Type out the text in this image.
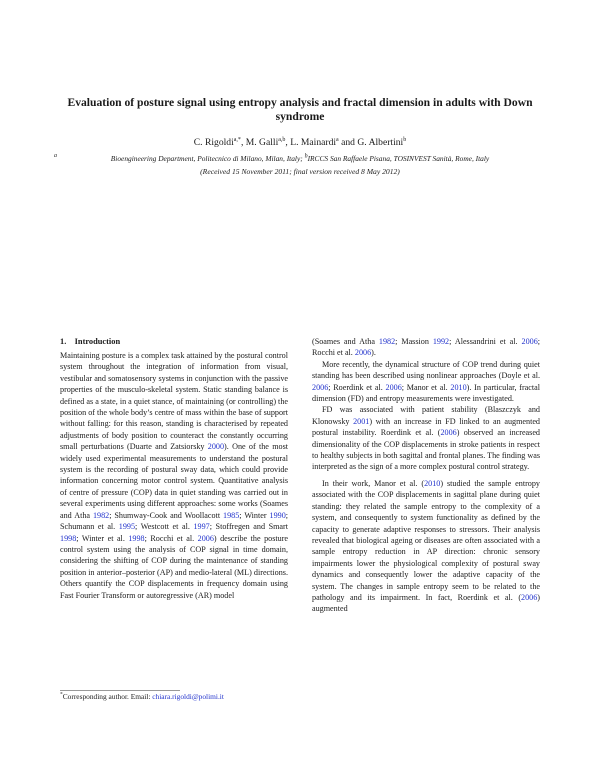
Evaluation of posture signal using entropy analysis and fractal dimension in adults with Down syndrome
C. Rigoldi$^{a,*}$, M. Galli$^{a,b}$, L. Mainardi$^a$ and G. Albertini$^b$
a	Bioengineering Department, Politecnico di Milano, Milan, Italy; $^b$IRCCS San Raffaele Pisana, TOSINVEST Sanità, Rome, Italy
(Received 15 November 2011; final version received 8 May 2012)
1. Introduction

Maintaining posture is a complex task attained by the postural control system throughout the integration of information from visual, vestibular and somatosensory systems in conjunction with the passive properties of the musculo-skeletal system. Static standing balance is defined as a state, in a quiet stance, of maintaining (or controlling) the position of the whole body’s centre of mass within the base of support without falling: for this reason, standing is characterised by repeated adjustments of body position to counteract the constantly occurring small perturbations (Duarte and Zatsiorsky 2000). One of the most widely used experimental measurements to understand the postural system is the recording of postural sway data, which could provide information concerning motor control system. Quantitative analysis of centre of pressure (COP) data in quiet standing was carried out in several experiments using different approaches: some works (Soames and Atha 1982; Shumway-Cook and Woollacott 1985; Winter 1990; Schumann et al. 1995; Westcott et al. 1997; Stoffregen and Smart 1998; Winter et al. 1998; Rocchi et al. 2006) describe the posture control system using the analysis of COP signal in time domain, considering the shifting of COP during the maintenance of standing position in anterior–posterior (AP) and medio-lateral (ML) directions. Others quantify the COP displacements in frequency domain using Fast Fourier Transform or autoregressive (AR) model

(Soames and Atha 1982; Massion 1992; Alessandrini et al. 2006; Rocchi et al. 2006).

More recently, the dynamical structure of COP trend during quiet standing has been described using nonlinear approaches (Doyle et al. 2006; Roerdink et al. 2006; Manor et al. 2010). In particular, fractal dimension (FD) and entropy measurements were investigated.

FD was associated with patient stability (Blaszczyk and Klonowsky 2001) with an increase in FD linked to an augmented postural instability. Roerdink et al. (2006) observed an increased dimensionality of the COP displacements in stroke patients in respect to healthy subjects in both sagittal and frontal planes. The finding was interpreted as the sign of a more complex postural control strategy.

In their work, Manor et al. (2010) studied the sample entropy associated with the COP displacements in sagittal plane during quiet standing: they related the sample entropy to the complexity of a system, and consequently to system functionality as defined by the capacity to generate adaptive responses to stressors. Their analysis revealed that biological ageing or diseases are often associated with a sample entropy reduction in AP direction: chronic sensory impairments lower the physiological complexity of postural sway dynamics and consequently lower the adaptive capacity of the system. The changes in sample entropy seem to be related to the pathology and its impairment. In fact, Roerdink et al. (2006) augmented

*Corresponding author. Email: chiara.rigoldi@polimi.it
